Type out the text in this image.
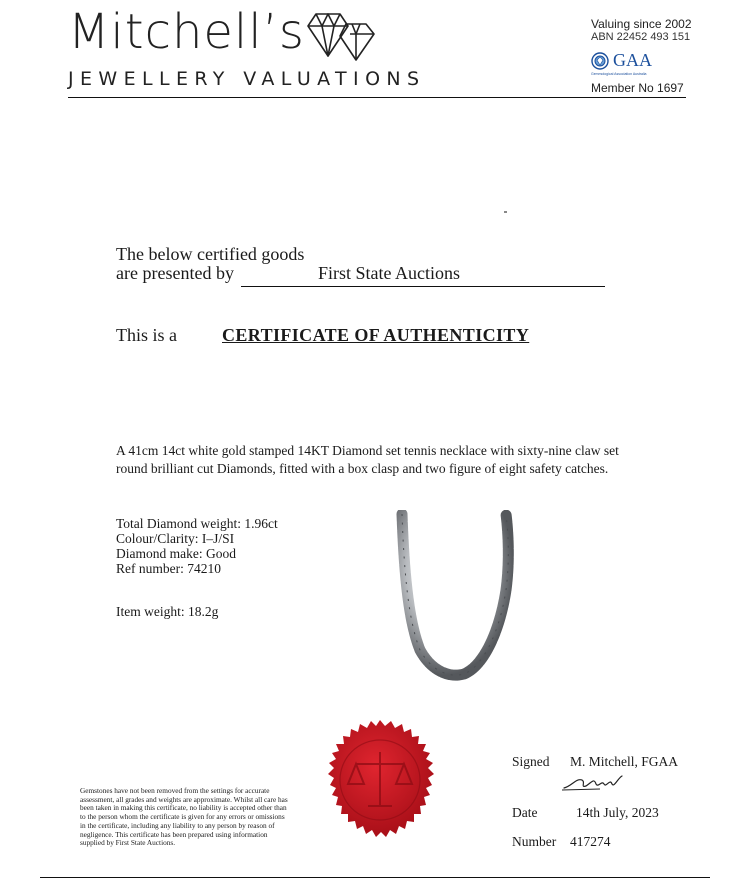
Mitchell’s
JEWELLERY VALUATIONS
Valuing since 2002
ABN 22452 493 151
GAA
Gemmological Association Australia
Member No 1697
The below certified goods
are presented by	First State Auctions
This is a	CERTIFICATE OF AUTHENTICITY
A 41cm 14ct white gold stamped 14KT Diamond set tennis necklace with sixty-nine claw set round brilliant cut Diamonds, fitted with a box clasp and two figure of eight safety catches.
Total Diamond weight: 1.96ct
Colour/Clarity: I–J/SI
Diamond make: Good
Ref number: 74210
Item weight: 18.2g
Gemstones have not been removed from the settings for accurate assessment, all grades and weights are approximate. Whilst all care has been taken in making this certificate, no liability is accepted other than to the person whom the certificate is given for any errors or omissions in the certificate, including any liability to any person by reason of negligence. This certificate has been prepared using information supplied by First State Auctions.
Signed M. Mitchell, FGAA
Date	14th July, 2023
Number 417274
